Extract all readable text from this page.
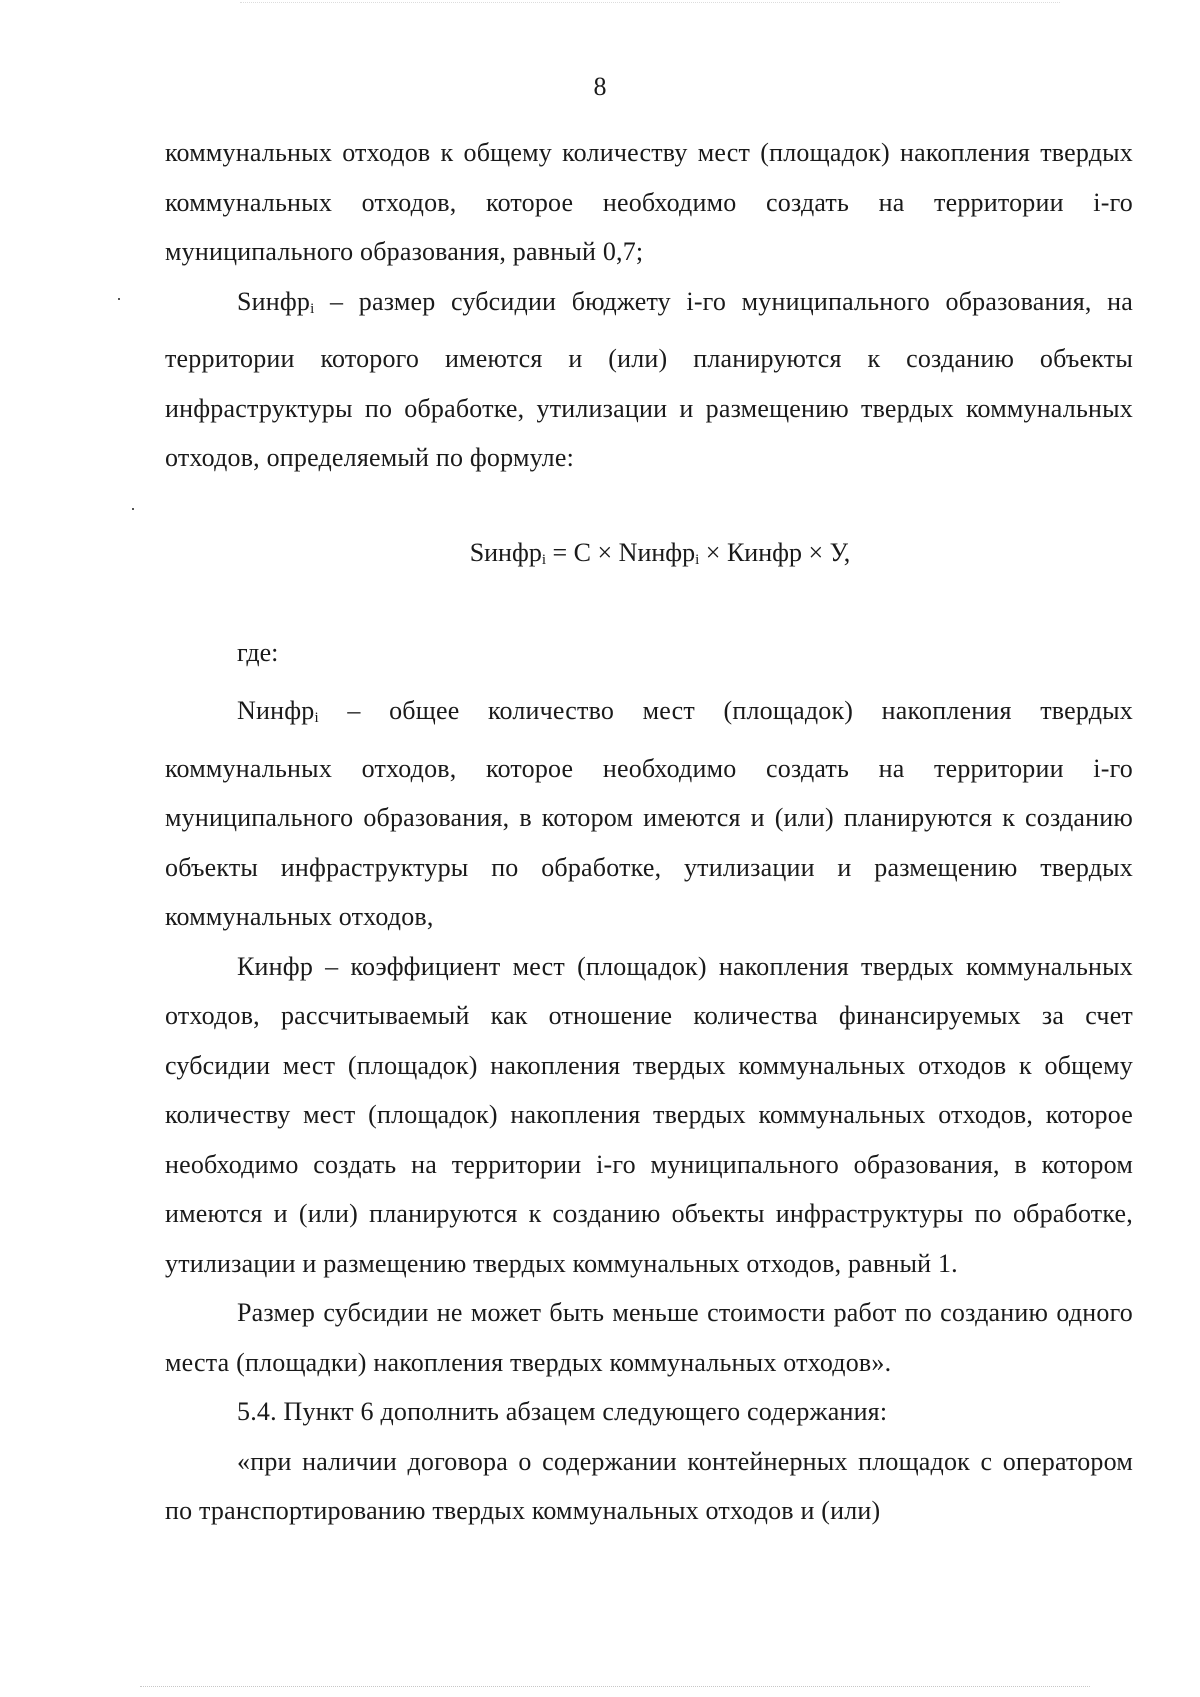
8

коммунальных отходов к общему количеству мест (площадок) накопления твердых коммунальных отходов, которое необходимо создать на территории i-го муниципального образования, равный 0,7;

Sинфр$_i$ – размер субсидии бюджету i-го муниципального образования, на территории которого имеются и (или) планируются к созданию объекты инфраструктуры по обработке, утилизации и размещению твердых коммунальных отходов, определяемый по формуле:

Sинфр$_i$ = C × Nинфр$_i$ × Кинфр × У,
где:

Nинфр$_i$ – общее количество мест (площадок) накопления твердых коммунальных отходов, которое необходимо создать на территории i-го муниципального образования, в котором имеются и (или) планируются к созданию объекты инфраструктуры по обработке, утилизации и размещению твердых коммунальных отходов,

Кинфр – коэффициент мест (площадок) накопления твердых коммунальных отходов, рассчитываемый как отношение количества финансируемых за счет субсидии мест (площадок) накопления твердых коммунальных отходов к общему количеству мест (площадок) накопления твердых коммунальных отходов, которое необходимо создать на территории i-го муниципального образования, в котором имеются и (или) планируются к созданию объекты инфраструктуры по обработке, утилизации и размещению твердых коммунальных отходов, равный 1.

Размер субсидии не может быть меньше стоимости работ по созданию одного места (площадки) накопления твердых коммунальных отходов».

5.4. Пункт 6 дополнить абзацем следующего содержания:

«при наличии договора о содержании контейнерных площадок с оператором по транспортированию твердых коммунальных отходов и (или)
